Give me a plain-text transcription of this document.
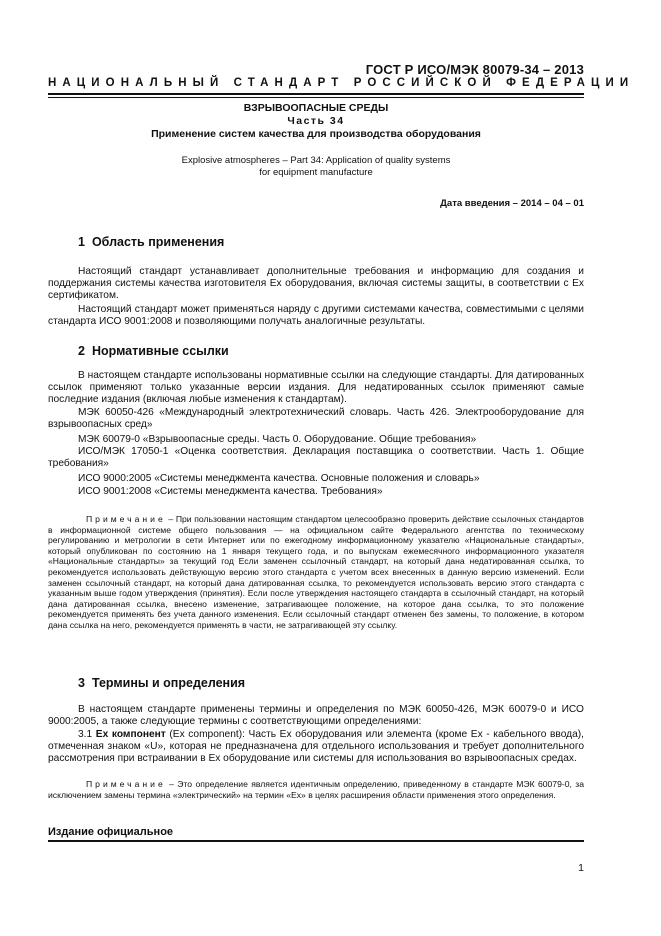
ГОСТ Р ИСО/МЭК 80079-34 – 2013
НАЦИОНАЛЬНЫЙ СТАНДАРТ РОССИЙСКОЙ ФЕДЕРАЦИИ
ВЗРЫВООПАСНЫЕ СРЕДЫ
Часть 34
Применение систем качества для производства оборудования
Explosive atmospheres – Part 34: Application of quality systems
for equipment manufacture
Дата введения – 2014 – 04 – 01
1 Область применения

Настоящий стандарт устанавливает дополнительные требования и информацию для создания и поддержания системы качества изготовителя Ex оборудования, включая системы защиты, в соответствии с Ex сертификатом.

Настоящий стандарт может применяться наряду с другими системами качества, совместимыми с целями стандарта ИСО 9001:2008 и позволяющими получать аналогичные результаты.

2 Нормативные ссылки

В настоящем стандарте использованы нормативные ссылки на следующие стандарты. Для датированных ссылок применяют только указанные версии издания. Для недатированных ссылок применяют самые последние издания (включая любые изменения к стандартам).

МЭК 60050-426 «Международный электротехнический словарь. Часть 426. Электрооборудование для взрывоопасных сред»

МЭК 60079-0 «Взрывоопасные среды. Часть 0. Оборудование. Общие требования»

ИСО/МЭК 17050-1 «Оценка соответствия. Декларация поставщика о соответствии. Часть 1. Общие требования»

ИСО 9000:2005 «Системы менеджмента качества. Основные положения и словарь»

ИСО 9001:2008 «Системы менеджмента качества. Требования»

Примечание – При пользовании настоящим стандартом целесообразно проверить действие ссылочных стандартов в информационной системе общего пользования — на официальном сайте Федерального агентства по техническому регулированию и метрологии в сети Интернет или по ежегодному информационному указателю «Национальные стандарты», который опубликован по состоянию на 1 января текущего года, и по выпускам ежемесячного информационного указателя «Национальные стандарты» за текущий год Если заменен ссылочный стандарт, на который дана недатированная ссылка, то рекомендуется использовать действующую версию этого стандарта с учетом всех внесенных в данную версию изменений. Если заменен ссылочный стандарт, на который дана датированная ссылка, то рекомендуется использовать версию этого стандарта с указанным выше годом утверждения (принятия). Если после утверждения настоящего стандарта в ссылочный стандарт, на который дана датированная ссылка, внесено изменение, затрагивающее положение, на которое дана ссылка, то это положение рекомендуется применять без учета данного изменения. Если ссылочный стандарт отменен без замены, то положение, в котором дана ссылка на него, рекомендуется применять в части, не затрагивающей эту ссылку.

3 Термины и определения

В настоящем стандарте применены термины и определения по МЭК 60050-426, МЭК 60079-0 и ИСО 9000:2005, а также следующие термины с соответствующими определениями:

3.1 Ex компонент (Ex component): Часть Ex оборудования или элемента (кроме Ex - кабельного ввода), отмеченная знаком «U», которая не предназначена для отдельного использования и требует дополнительного рассмотрения при встраивании в Ex оборудование или системы для использования во взрывоопасных средах.

Примечание – Это определение является идентичным определению, приведенному в стандарте МЭК 60079-0, за исключением замены термина «электрический» на термин «Ex» в целях расширения области применения этого определения.

Издание официальное
1
